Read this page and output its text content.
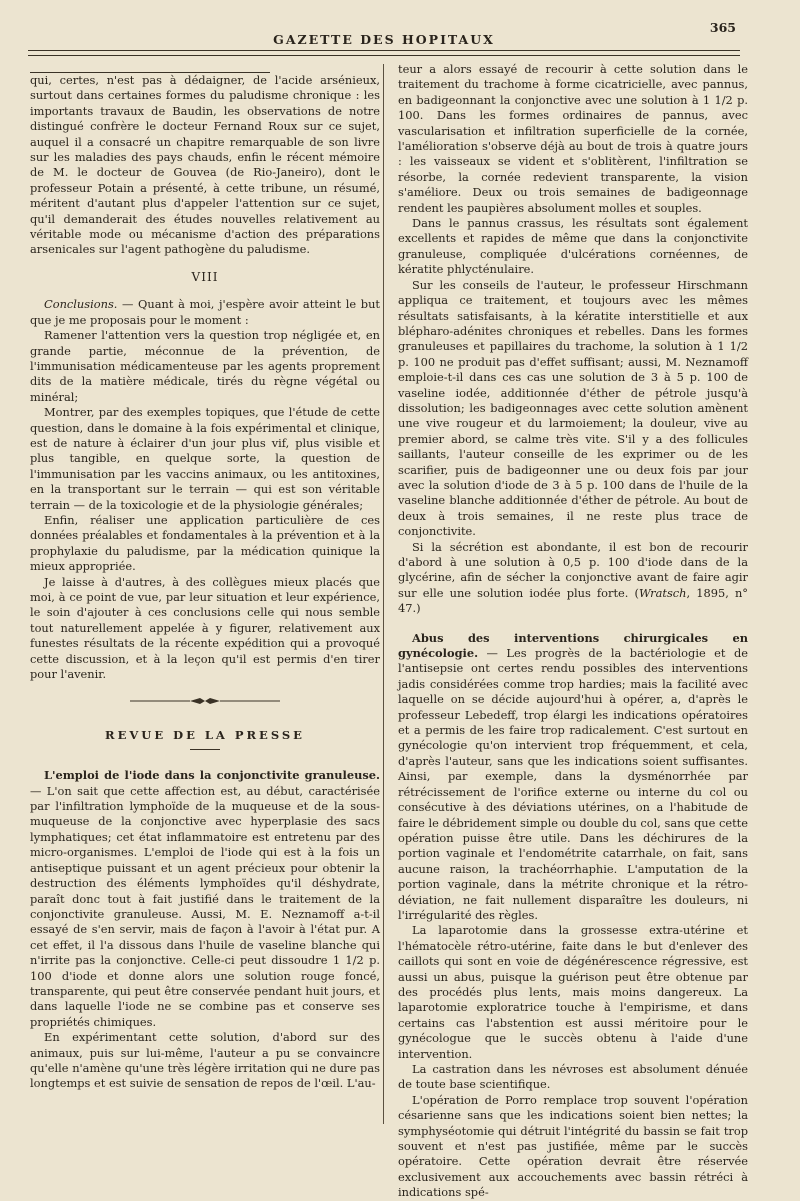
GAZETTE DES HOPITAUX
365

qui, certes, n'est pas à dédaigner, de l'acide arsénieux, surtout dans certaines formes du paludisme chronique : les importants travaux de Baudin, les observations de notre distingué confrère le docteur Fernand Roux sur ce sujet, auquel il a consacré un chapitre remarquable de son livre sur les maladies des pays chauds, enfin le récent mémoire de M. le docteur de Gouvea (de Rio-Janeiro), dont le professeur Potain a présenté, à cette tribune, un résumé, méritent d'autant plus d'appeler l'attention sur ce sujet, qu'il demanderait des études nouvelles relativement au véritable mode ou mécanisme d'action des préparations arsenicales sur l'agent pathogène du paludisme.

VIII

Conclusions. — Quant à moi, j'espère avoir atteint le but que je me proposais pour le moment :

Ramener l'attention vers la question trop négligée et, en grande partie, méconnue de la prévention, de l'immunisation médicamenteuse par les agents proprement dits de la matière médicale, tirés du règne végétal ou minéral;

Montrer, par des exemples topiques, que l'étude de cette question, dans le domaine à la fois expérimental et clinique, est de nature à éclairer d'un jour plus vif, plus visible et plus tangible, en quelque sorte, la question de l'immunisation par les vaccins animaux, ou les antitoxines, en la transportant sur le terrain — qui est son véritable terrain — de la toxicologie et de la physiologie générales;

Enfin, réaliser une application particulière de ces données préalables et fondamentales à la prévention et à la prophylaxie du paludisme, par la médication quinique la mieux appropriée.

Je laisse à d'autres, à des collègues mieux placés que moi, à ce point de vue, par leur situation et leur expérience, le soin d'ajouter à ces conclusions celle qui nous semble tout naturellement appelée à y figurer, relativement aux funestes résultats de la récente expédition qui a provoqué cette discussion, et à la leçon qu'il est permis d'en tirer pour l'avenir.

REVUE DE LA PRESSE

L'emploi de l'iode dans la conjonctivite granuleuse. — L'on sait que cette affection est, au début, caractérisée par l'infiltration lymphoïde de la muqueuse et de la sous-muqueuse de la conjonctive avec hyperplasie des sacs lymphatiques; cet état inflammatoire est entretenu par des micro-organismes. L'emploi de l'iode qui est à la fois un antiseptique puissant et un agent précieux pour obtenir la destruction des éléments lymphoïdes qu'il déshydrate, paraît donc tout à fait justifié dans le traitement de la conjonctivite granuleuse. Aussi, M. E. Neznamoff a-t-il essayé de s'en servir, mais de façon à l'avoir à l'état pur. A cet effet, il l'a dissous dans l'huile de vaseline blanche qui n'irrite pas la conjonctive. Celle-ci peut dissoudre 1 1/2 p. 100 d'iode et donne alors une solution rouge foncé, transparente, qui peut être conservée pendant huit jours, et dans laquelle l'iode ne se combine pas et conserve ses propriétés chimiques.

En expérimentant cette solution, d'abord sur des animaux, puis sur lui-même, l'auteur a pu se convaincre qu'elle n'amène qu'une très légère irritation qui ne dure pas longtemps et est suivie de sensation de repos de l'œil. L'au-

teur a alors essayé de recourir à cette solution dans le traitement du trachome à forme cicatricielle, avec pannus, en badigeonnant la conjonctive avec une solution à 1 1/2 p. 100. Dans les formes ordinaires de pannus, avec vascularisation et infiltration superficielle de la cornée, l'amélioration s'observe déjà au bout de trois à quatre jours : les vaisseaux se vident et s'oblitèrent, l'infiltration se résorbe, la cornée redevient transparente, la vision s'améliore. Deux ou trois semaines de badigeonnage rendent les paupières absolument molles et souples.

Dans le pannus crassus, les résultats sont également excellents et rapides de même que dans la conjonctivite granuleuse, compliquée d'ulcérations cornéennes, de kératite phlycténulaire.

Sur les conseils de l'auteur, le professeur Hirschmann appliqua ce traitement, et toujours avec les mêmes résultats satisfaisants, à la kératite interstitielle et aux blépharo-adénites chroniques et rebelles. Dans les formes granuleuses et papillaires du trachome, la solution à 1 1/2 p. 100 ne produit pas d'effet suffisant; aussi, M. Neznamoff emploie-t-il dans ces cas une solution de 3 à 5 p. 100 de vaseline iodée, additionnée d'éther de pétrole jusqu'à dissolution; les badigeonnages avec cette solution amènent une vive rougeur et du larmoiement; la douleur, vive au premier abord, se calme très vite. S'il y a des follicules saillants, l'auteur conseille de les exprimer ou de les scarifier, puis de badigeonner une ou deux fois par jour avec la solution d'iode de 3 à 5 p. 100 dans de l'huile de la vaseline blanche additionnée d'éther de pétrole. Au bout de deux à trois semaines, il ne reste plus trace de conjonctivite.

Si la sécrétion est abondante, il est bon de recourir d'abord à une solution à 0,5 p. 100 d'iode dans de la glycérine, afin de sécher la conjonctive avant de faire agir sur elle une solution iodée plus forte. (Wratsch, 1895, n° 47.)

Abus des interventions chirurgicales en gynécologie. — Les progrès de la bactériologie et de l'antisepsie ont certes rendu possibles des interventions jadis considérées comme trop hardies; mais la facilité avec laquelle on se décide aujourd'hui à opérer, a, d'après le professeur Lebedeff, trop élargi les indications opératoires et a permis de les faire trop radicalement. C'est surtout en gynécologie qu'on intervient trop fréquemment, et cela, d'après l'auteur, sans que les indications soient suffisantes. Ainsi, par exemple, dans la dysménorrhée par rétrécissement de l'orifice externe ou interne du col ou consécutive à des déviations utérines, on a l'habitude de faire le débridement simple ou double du col, sans que cette opération puisse être utile. Dans les déchirures de la portion vaginale et l'endométrite catarrhale, on fait, sans aucune raison, la trachéorrhaphie. L'amputation de la portion vaginale, dans la métrite chronique et la rétro-déviation, ne fait nullement disparaître les douleurs, ni l'irrégularité des règles.

La laparotomie dans la grossesse extra-utérine et l'hématocèle rétro-utérine, faite dans le but d'enlever des caillots qui sont en voie de dégénérescence régressive, est aussi un abus, puisque la guérison peut être obtenue par des procédés plus lents, mais moins dangereux. La laparotomie exploratrice touche à l'empirisme, et dans certains cas l'abstention est aussi méritoire pour le gynécologue que le succès obtenu à l'aide d'une intervention.

La castration dans les névroses est absolument dénuée de toute base scientifique.

L'opération de Porro remplace trop souvent l'opération césarienne sans que les indications soient bien nettes; la symphyséotomie qui détruit l'intégrité du bassin se fait trop souvent et n'est pas justifiée, même par le succès opératoire. Cette opération devrait être réservée exclusivement aux accouchements avec bassin rétréci à indications spé-
